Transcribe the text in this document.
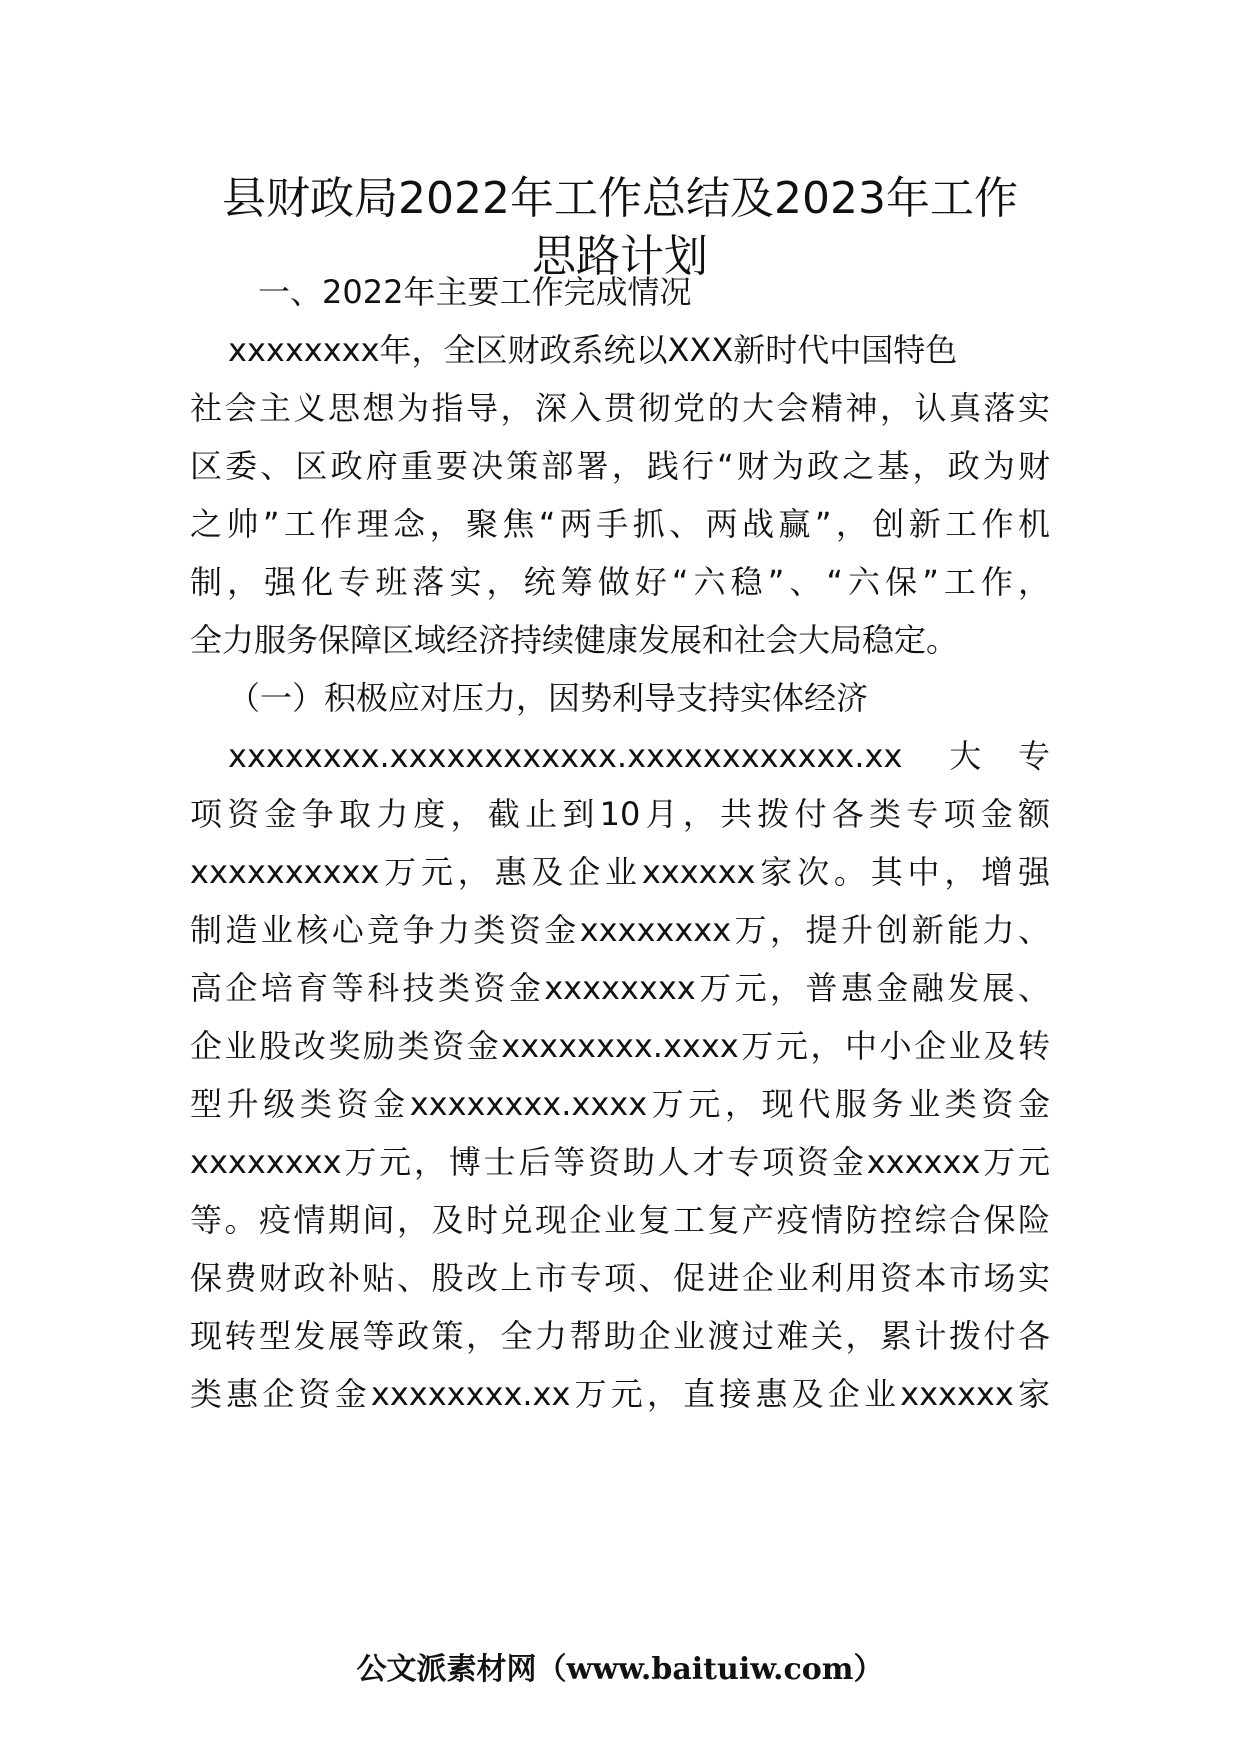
县财政局2022年工作总结及2023年工作
思路计划

一、2022年主要工作完成情况

xxxxxxxx年，全区财政系统以XXX新时代中国特色

社会主义思想为指导，深入贯彻党的大会精神，认真落实

区委、区政府重要决策部署，践行“财为政之基，政为财

之帅”工作理念，聚焦“两手抓、两战赢”，创新工作机

制，强化专班落实，统筹做好“六稳”、“六保”工作，

全力服务保障区域经济持续健康发展和社会大局稳定。

（一）积极应对压力，因势利导支持实体经济

xxxxxxxx.xxxxxxxxxxxx.xxxxxxxxxxxx.xx 大专

项资金争取力度，截止到10月，共拨付各类专项金额

xxxxxxxxxx万元，惠及企业xxxxxx家次。其中，增强

制造业核心竞争力类资金xxxxxxxx万，提升创新能力、

高企培育等科技类资金xxxxxxxx万元，普惠金融发展、

企业股改奖励类资金xxxxxxxx.xxxx万元，中小企业及转

型升级类资金xxxxxxxx.xxxx万元，现代服务业类资金

xxxxxxxx万元，博士后等资助人才专项资金xxxxxx万元

等。疫情期间，及时兑现企业复工复产疫情防控综合保险

保费财政补贴、股改上市专项、促进企业利用资本市场实

现转型发展等政策，全力帮助企业渡过难关，累计拨付各

类惠企资金xxxxxxxx.xx万元，直接惠及企业xxxxxx家

公文派素材网（www.baituiw.com）
